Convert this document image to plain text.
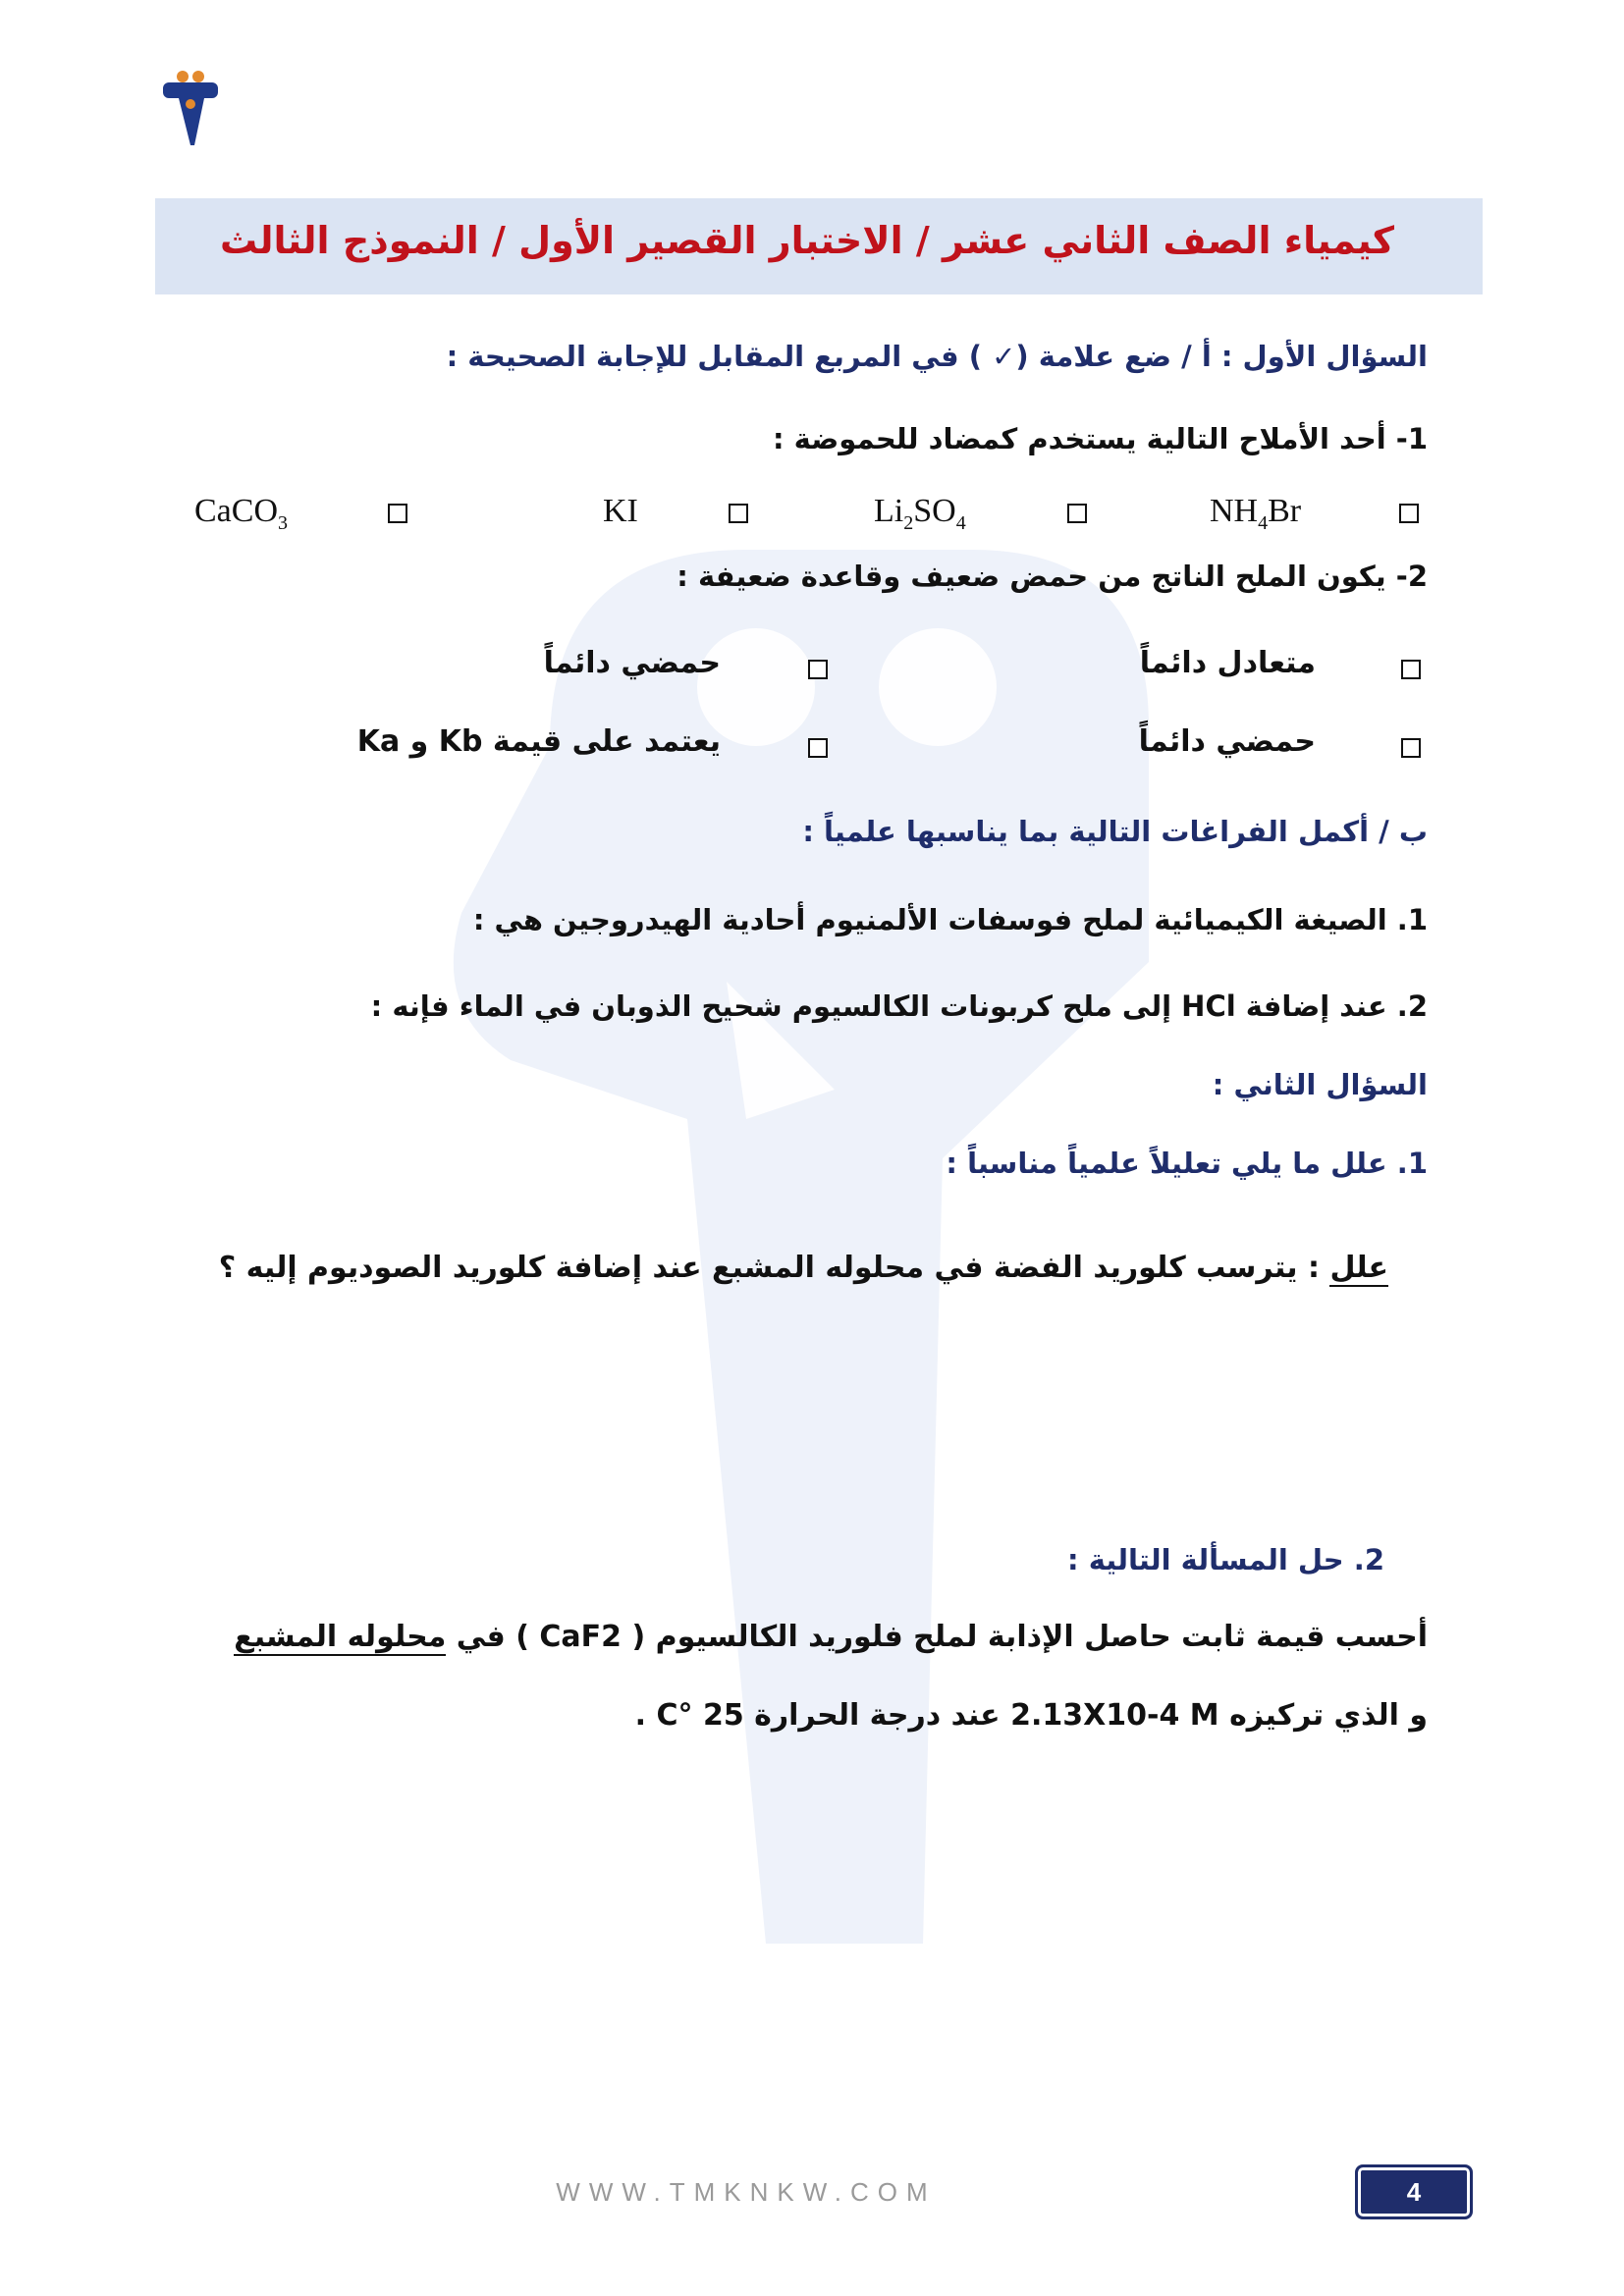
كيمياء الصف الثاني عشر / الاختبار القصير الأول / النموذج الثالث
السؤال الأول : أ / ضع علامة (✓ ) في المربع المقابل للإجابة الصحيحة :
1- أحد الأملاح التالية يستخدم كمضاد للحموضة :
$NH_4Br$
$Li_2SO_4$
KI
CaCO$_3$
2- يكون الملح الناتج من حمض ضعيف وقاعدة ضعيفة :
متعادل دائماً
حمضي دائماً
حمضي دائماً
يعتمد على قيمة Kb و Ka
ب / أكمل الفراغات التالية بما يناسبها علمياً :
1. الصيغة الكيميائية لملح فوسفات الألمنيوم أحادية الهيدروجين هي :
2. عند إضافة HCl إلى ملح كربونات الكالسيوم شحيح الذوبان في الماء فإنه :
السؤال الثاني :
1. علل ما يلي تعليلاً علمياً مناسباً :
علل : يترسب كلوريد الفضة في محلوله المشبع عند إضافة كلوريد الصوديوم إليه ؟
2. حل المسألة التالية :
أحسب قيمة ثابت حاصل الإذابة لملح فلوريد الكالسيوم ( CaF2 ) في محلوله المشبع
و الذي تركيزه 2.13X10-4 M عند درجة الحرارة 25 °C .
WWW.TMKNKW.COM	4
